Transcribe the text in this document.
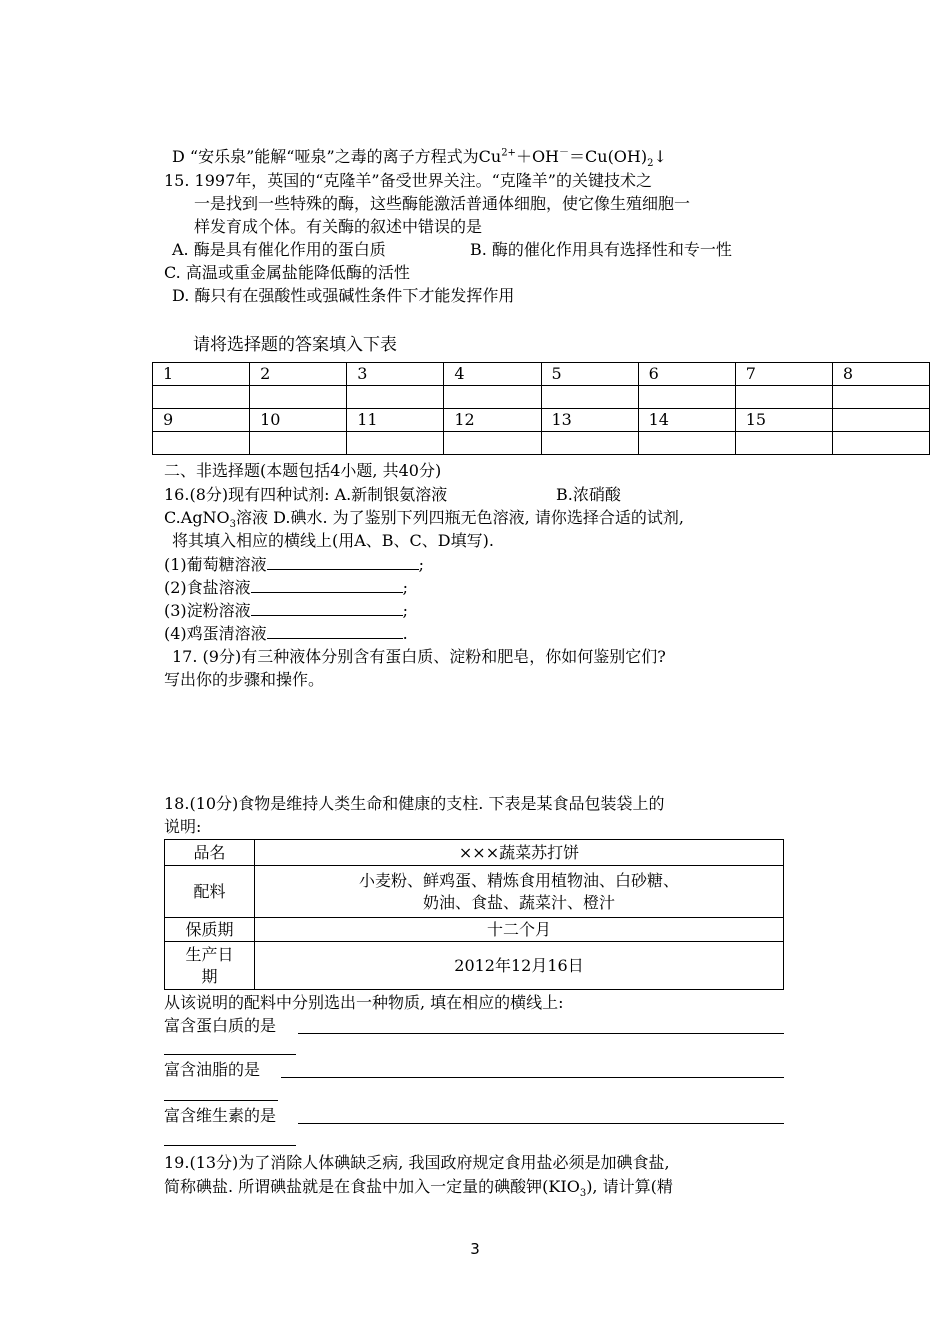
D “安乐泉”能解“哑泉”之毒的离子方程式为$Cu^{2+}+OH^-=Cu(OH)_2↓$
15. 1997年，英国的“克隆羊”备受世界关注。“克隆羊”的关键技术之
一是找到一些特殊的酶，这些酶能激活普通体细胞，使它像生殖细胞一
样发育成个体。有关酶的叙述中错误的是
A. 酶是具有催化作用的蛋白质	B. 酶的催化作用具有选择性和专一性
C. 高温或重金属盐能降低酶的活性
D. 酶只有在强酸性或强碱性条件下才能发挥作用
请将选择题的答案填入下表
1	2	3	4	5	6	7	8

9	10	11	12	13	14	15	

二、非选择题(本题包括4小题, 共40分)
16.(8分)现有四种试剂: A.新制银氨溶液	B.浓硝酸
C.AgNO$_3$溶液 D.碘水. 为了鉴别下列四瓶无色溶液, 请你选择合适的试剂,
将其填入相应的横线上(用A、B、C、D填写).
(1)葡萄糖溶液	;
(2)食盐溶液	;
(3)淀粉溶液	;
(4)鸡蛋清溶液	.
17. (9分)有三种液体分别含有蛋白质、淀粉和肥皂，你如何鉴别它们?
写出你的步骤和操作。
18.(10分)食物是维持人类生命和健康的支柱. 下表是某食品包装袋上的
说明:
品名	×××蔬菜苏打饼
配料	小麦粉、鲜鸡蛋、精炼食用植物油、白砂糖、
奶油、食盐、蔬菜汁、橙汁

保质期	十二个月

生产日
期	2012年12月16日
从该说明的配料中分别选出一种物质, 填在相应的横线上:
富含蛋白质的是
富含油脂的是
富含维生素的是
19.(13分)为了消除人体碘缺乏病, 我国政府规定食用盐必须是加碘食盐,
简称碘盐. 所谓碘盐就是在食盐中加入一定量的碘酸钾$(KIO_3)$, 请计算(精
3
